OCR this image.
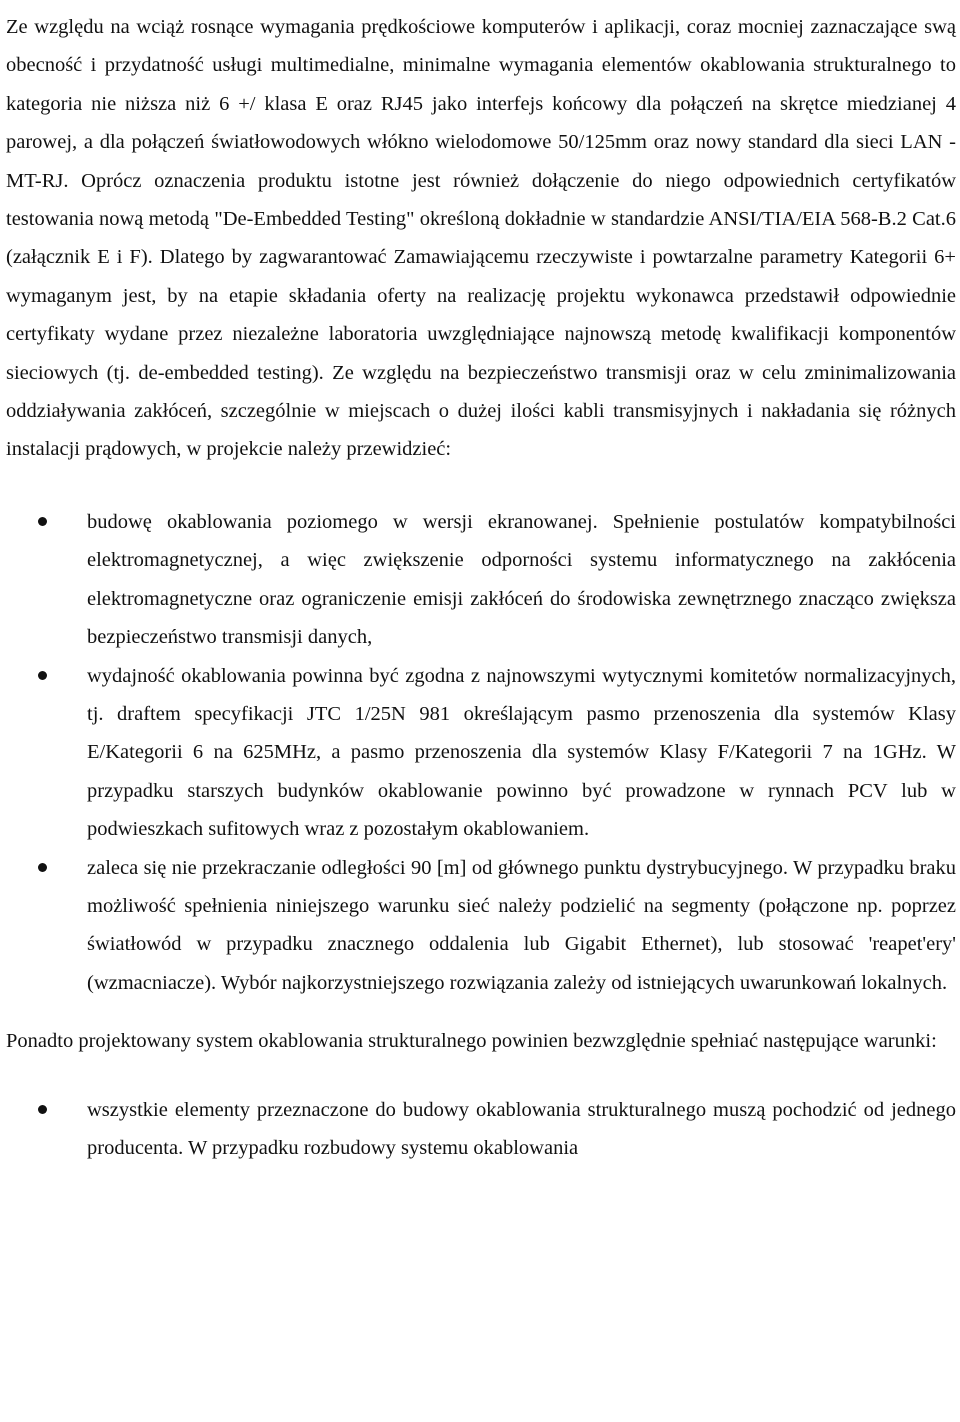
Ze względu na wciąż rosnące wymagania prędkościowe komputerów i aplikacji, coraz mocniej zaznaczające swą obecność i przydatność usługi multimedialne, minimalne wymagania elementów okablowania strukturalnego to kategoria nie niższa niż 6 +/ klasa E oraz RJ45 jako interfejs końcowy dla połączeń na skrętce miedzianej 4 parowej, a dla połączeń światłowodowych włókno wielodomowe 50/125mm oraz nowy standard dla sieci LAN - MT-RJ. Oprócz oznaczenia produktu istotne jest również dołączenie do niego odpowiednich certyfikatów testowania nową metodą "De-Embedded Testing" określoną dokładnie w standardzie ANSI/TIA/EIA 568-B.2 Cat.6 (załącznik E i F). Dlatego by zagwarantować Zamawiającemu rzeczywiste i powtarzalne parametry Kategorii 6+ wymaganym jest, by na etapie składania oferty na realizację projektu wykonawca przedstawił odpowiednie certyfikaty wydane przez niezależne laboratoria uwzględniające najnowszą metodę kwalifikacji komponentów sieciowych (tj. de-embedded testing). Ze względu na bezpieczeństwo transmisji oraz w celu zminimalizowania oddziaływania zakłóceń, szczególnie w miejscach o dużej ilości kabli transmisyjnych i nakładania się różnych instalacji prądowych, w projekcie należy przewidzieć:

budowę okablowania poziomego w wersji ekranowanej. Spełnienie postulatów kompatybilności elektromagnetycznej, a więc zwiększenie odporności systemu informatycznego na zakłócenia elektromagnetyczne oraz ograniczenie emisji zakłóceń do środowiska zewnętrznego znacząco zwiększa bezpieczeństwo transmisji danych,
wydajność okablowania powinna być zgodna z najnowszymi wytycznymi komitetów normalizacyjnych, tj. draftem specyfikacji JTC 1/25N 981 określającym pasmo przenoszenia dla systemów Klasy E/Kategorii 6 na 625MHz, a pasmo przenoszenia dla systemów Klasy F/Kategorii 7 na 1GHz. W przypadku starszych budynków okablowanie powinno być prowadzone w rynnach PCV lub w podwieszkach sufitowych wraz z pozostałym okablowaniem.
zaleca się nie przekraczanie odległości 90 [m] od głównego punktu dystrybucyjnego. W przypadku braku możliwość spełnienia niniejszego warunku sieć należy podzielić na segmenty (połączone np. poprzez światłowód w przypadku znacznego oddalenia lub Gigabit Ethernet), lub stosować 'reapet'ery' (wzmacniacze). Wybór najkorzystniejszego rozwiązania zależy od istniejących uwarunkowań lokalnych.

Ponadto projektowany system okablowania strukturalnego powinien bezwzględnie spełniać następujące warunki:

wszystkie elementy przeznaczone do budowy okablowania strukturalnego muszą pochodzić od jednego producenta. W przypadku rozbudowy systemu okablowania
